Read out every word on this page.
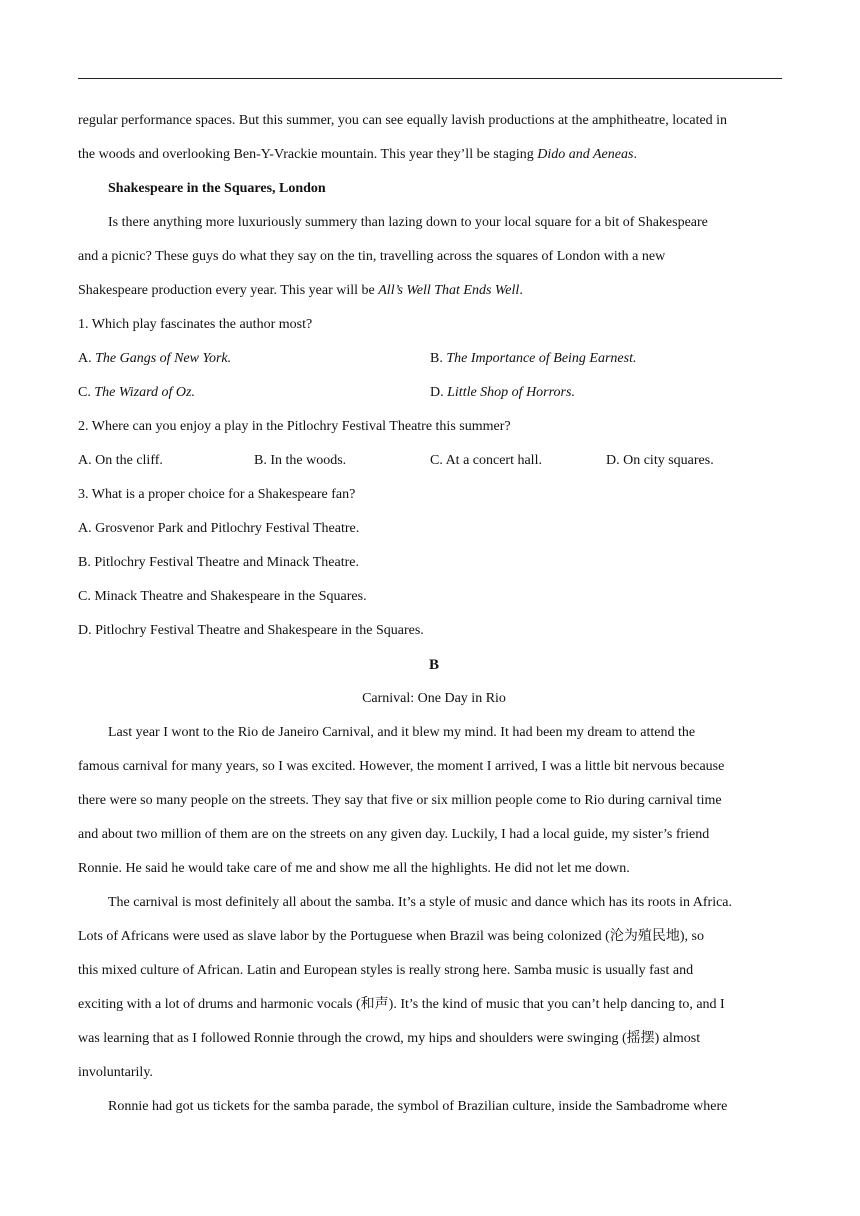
regular performance spaces. But this summer, you can see equally lavish productions at the amphitheatre, located in
the woods and overlooking Ben-Y-Vrackie mountain. This year they’ll be staging Dido and Aeneas.
Shakespeare in the Squares, London
Is there anything more luxuriously summery than lazing down to your local square for a bit of Shakespeare
and a picnic? These guys do what they say on the tin, travelling across the squares of London with a new
Shakespeare production every year. This year will be All’s Well That Ends Well.
1. Which play fascinates the author most?
A. The Gangs of New York.	B. The Importance of Being Earnest.
C. The Wizard of Oz.	D. Little Shop of Horrors.
2. Where can you enjoy a play in the Pitlochry Festival Theatre this summer?
A. On the cliff.	B. In the woods.	C. At a concert hall.	D. On city squares.
3. What is a proper choice for a Shakespeare fan?
A. Grosvenor Park and Pitlochry Festival Theatre.
B. Pitlochry Festival Theatre and Minack Theatre.
C. Minack Theatre and Shakespeare in the Squares.
D. Pitlochry Festival Theatre and Shakespeare in the Squares.
B
Carnival: One Day in Rio
Last year I wont to the Rio de Janeiro Carnival, and it blew my mind. It had been my dream to attend the
famous carnival for many years, so I was excited. However, the moment I arrived, I was a little bit nervous because
there were so many people on the streets. They say that five or six million people come to Rio during carnival time
and about two million of them are on the streets on any given day. Luckily, I had a local guide, my sister’s friend
Ronnie. He said he would take care of me and show me all the highlights. He did not let me down.
The carnival is most definitely all about the samba. It’s a style of music and dance which has its roots in Africa.
Lots of Africans were used as slave labor by the Portuguese when Brazil was being colonized (沦为殖民地), so
this mixed culture of African. Latin and European styles is really strong here. Samba music is usually fast and
exciting with a lot of drums and harmonic vocals (和声). It’s the kind of music that you can’t help dancing to, and I
was learning that as I followed Ronnie through the crowd, my hips and shoulders were swinging (摇摆) almost
involuntarily.
Ronnie had got us tickets for the samba parade, the symbol of Brazilian culture, inside the Sambadrome where
